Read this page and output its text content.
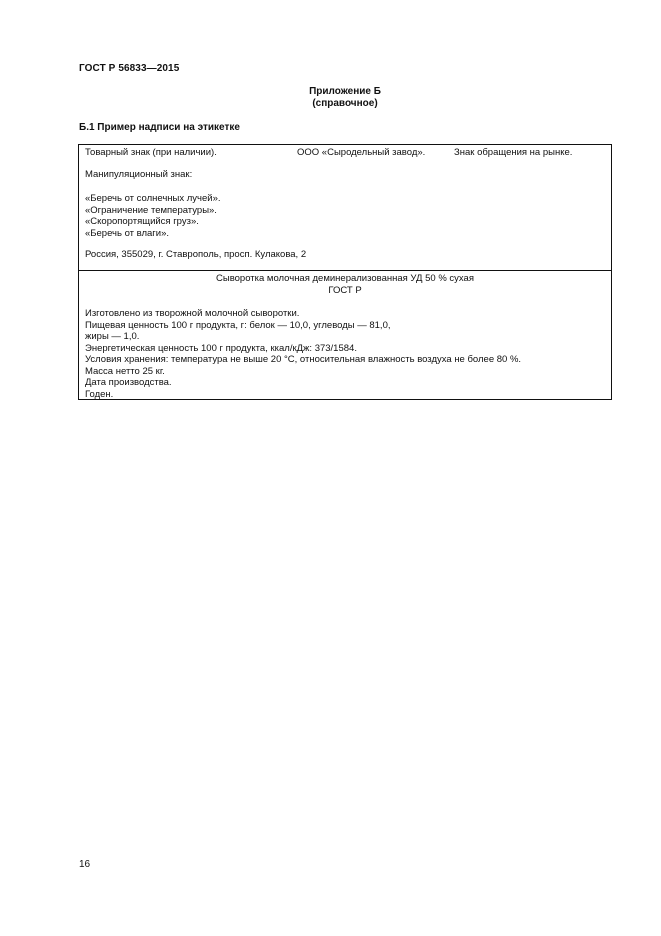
ГОСТ Р 56833—2015
Приложение Б
(справочное)
Б.1 Пример надписи на этикетке
Товарный знак (при наличии).	ООО «Сыродельный завод».	Знак обращения на рынке.
Манипуляционный знак:
«Беречь от солнечных лучей».
«Ограничение температуры».
«Скоропортящийся груз».
«Беречь от влаги».
Россия, 355029, г. Ставрополь, просп. Кулакова, 2
Сыворотка молочная деминерализованная УД 50 % сухая
ГОСТ Р
Изготовлено из творожной молочной сыворотки.
Пищевая ценность 100 г продукта, г: белок — 10,0, углеводы — 81,0,
жиры — 1,0.
Энергетическая ценность 100 г продукта, ккал/кДж: 373/1584.
Условия хранения: температура не выше 20 °С, относительная влажность воздуха не более 80 %.
Масса нетто 25 кг.
Дата производства.
Годен.
16
